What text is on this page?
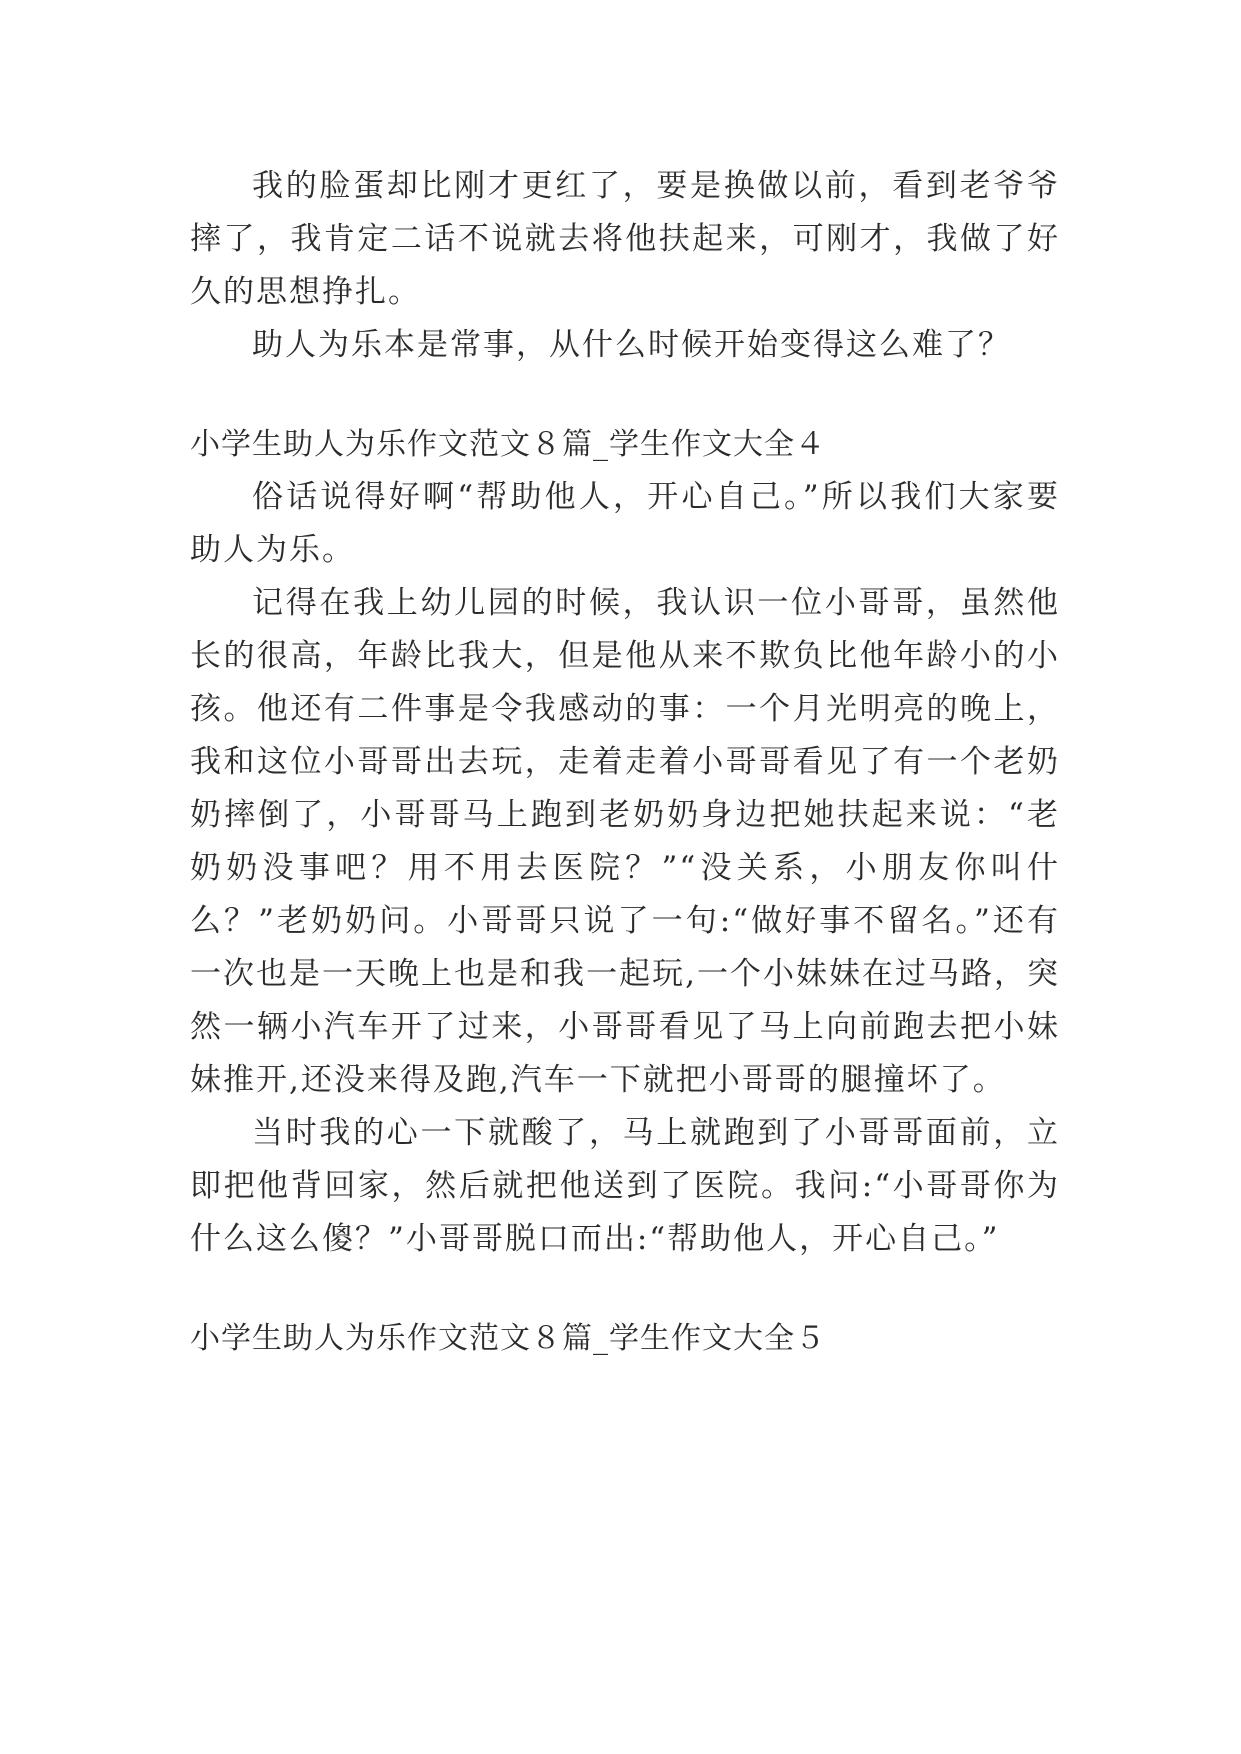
我的脸蛋却比刚才更红了，要是换做以前，看到老爷爷摔了，我肯定二话不说就去将他扶起来，可刚才，我做了好久的思想挣扎。

助人为乐本是常事，从什么时候开始变得这么难了？

小学生助人为乐作文范文８篇_学生作文大全４

俗话说得好啊“帮助他人，开心自己。”所以我们大家要助人为乐。

记得在我上幼儿园的时候，我认识一位小哥哥，虽然他长的很高，年龄比我大，但是他从来不欺负比他年龄小的小孩。他还有二件事是令我感动的事：一个月光明亮的晚上，我和这位小哥哥出去玩，走着走着小哥哥看见了有一个老奶奶摔倒了，小哥哥马上跑到老奶奶身边把她扶起来说：“老奶奶没事吧？用不用去医院？”“没关系，小朋友你叫什么？”老奶奶问。小哥哥只说了一句:“做好事不留名。”还有一次也是一天晚上也是和我一起玩,一个小妹妹在过马路，突然一辆小汽车开了过来，小哥哥看见了马上向前跑去把小妹妹推开,还没来得及跑,汽车一下就把小哥哥的腿撞坏了。

当时我的心一下就酸了，马上就跑到了小哥哥面前，立即把他背回家，然后就把他送到了医院。我问:“小哥哥你为什么这么傻？”小哥哥脱口而出:“帮助他人，开心自己。”

小学生助人为乐作文范文８篇_学生作文大全５
